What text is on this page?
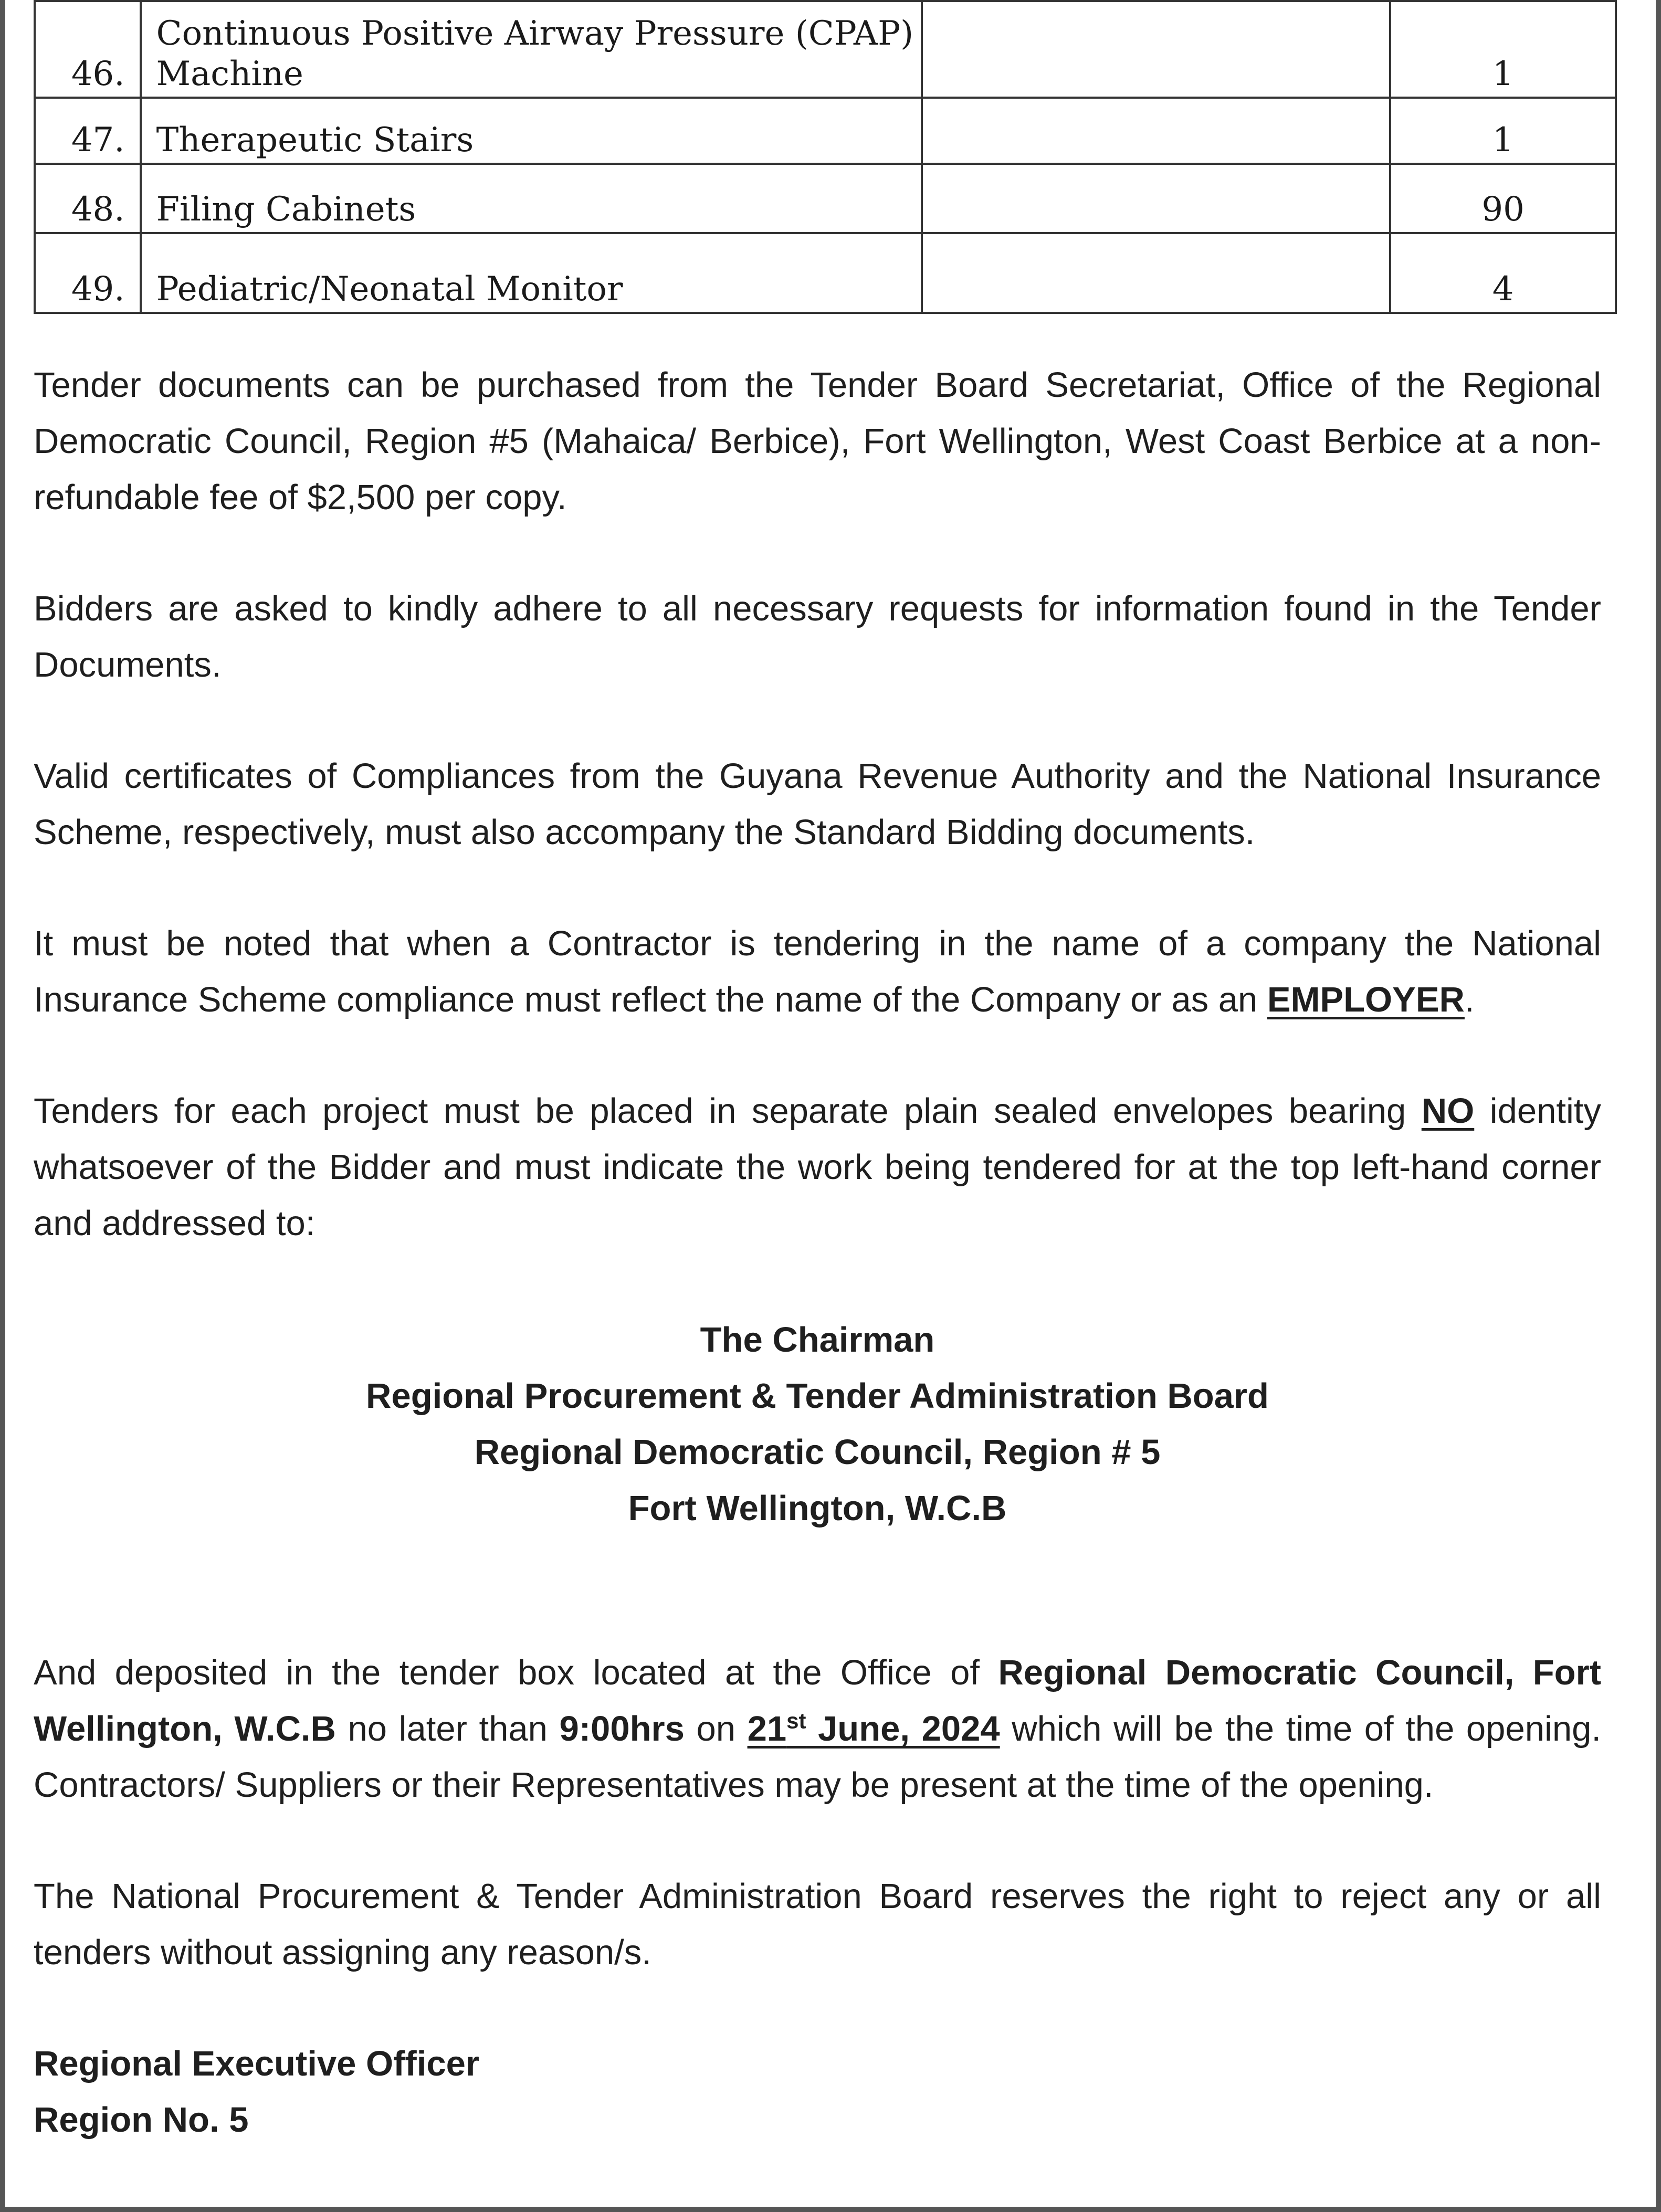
46.	Continuous Positive Airway Pressure (CPAP)
Machine		1
47.	Therapeutic Stairs		1
48.	Filing Cabinets		90
49.	Pediatric/Neonatal Monitor		4

Tender documents can be purchased from the Tender Board Secretariat, Office of the Regional Democratic Council, Region #5 (Mahaica/ Berbice), Fort Wellington, West Coast Berbice at a non- refundable fee of $2,500 per copy.

Bidders are asked to kindly adhere to all necessary requests for information found in the Tender Documents.

Valid certificates of Compliances from the Guyana Revenue Authority and the National Insurance Scheme, respectively, must also accompany the Standard Bidding documents.

It must be noted that when a Contractor is tendering in the name of a company the National Insurance Scheme compliance must reflect the name of the Company or as an EMPLOYER.

Tenders for each project must be placed in separate plain sealed envelopes bearing NO identity whatsoever of the Bidder and must indicate the work being tendered for at the top left-hand corner and addressed to:

The Chairman
Regional Procurement & Tender Administration Board
Regional Democratic Council, Region # 5
Fort Wellington, W.C.B

And deposited in the tender box located at the Office of Regional Democratic Council, Fort Wellington, W.C.B no later than 9:00hrs on 21st June, 2024 which will be the time of the opening. Contractors/ Suppliers or their Representatives may be present at the time of the opening.

The National Procurement & Tender Administration Board reserves the right to reject any or all tenders without assigning any reason/s.

Regional Executive Officer
Region No. 5
